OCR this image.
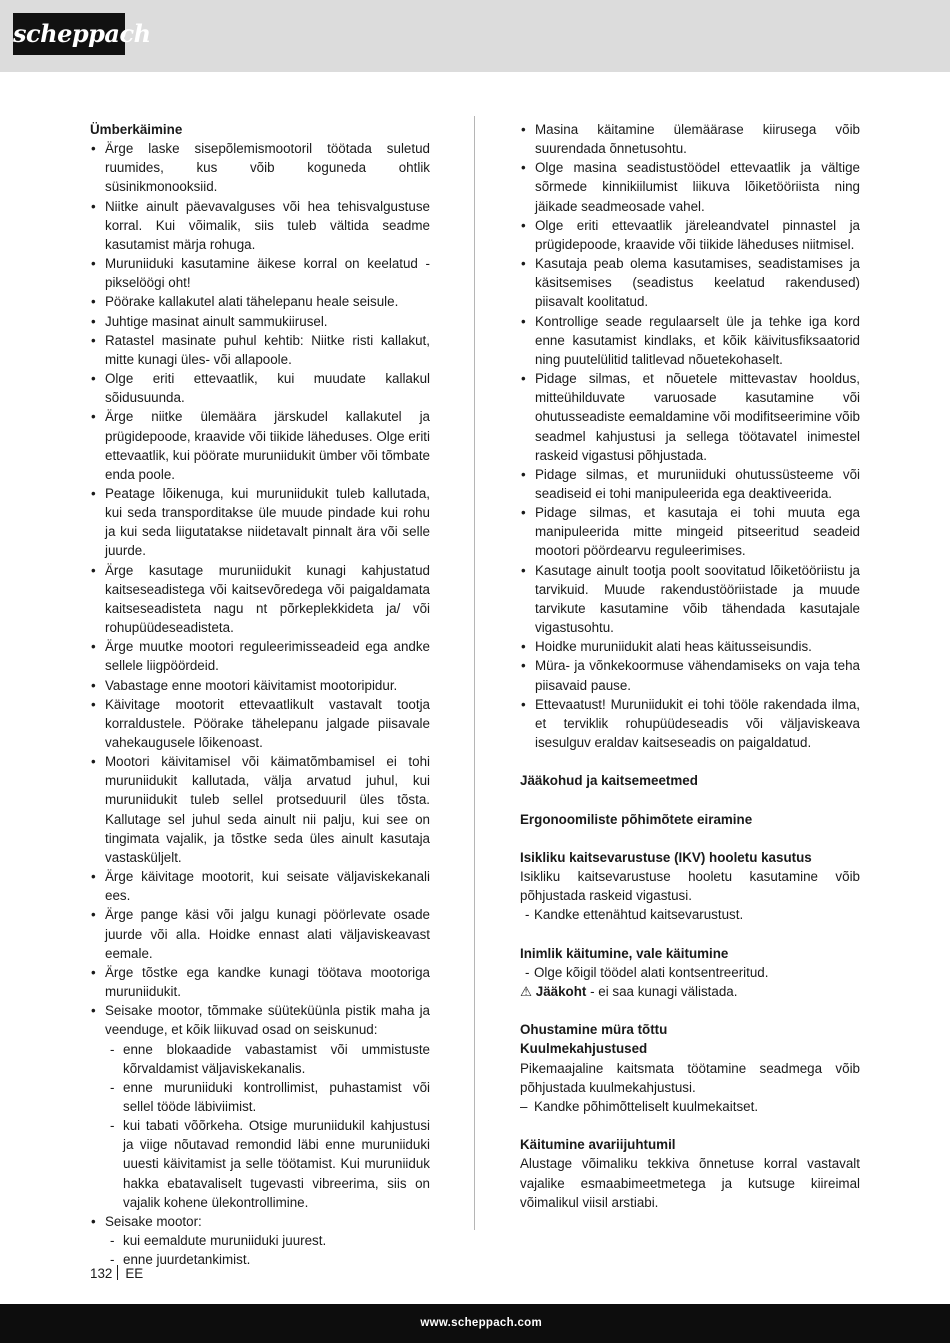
scheppach
Ümberkäimine
• Ärge laske sisepõlemismootoril töötada suletud ruumides, kus võib koguneda ohtlik süsinikmonooksiid.
• Niitke ainult päevavalguses või hea tehisvalgustuse korral. Kui võimalik, siis tuleb vältida seadme kasutamist märja rohuga.
• Muruniiduki kasutamine äikese korral on keelatud - pikselöögi oht!
• Pöörake kallakutel alati tähelepanu heale seisule.
• Juhtige masinat ainult sammukiirusel.
• Ratastel masinate puhul kehtib: Niitke risti kallakut, mitte kunagi üles- või allapoole.
• Olge eriti ettevaatlik, kui muudate kallakul sõidusuunda.
• Ärge niitke ülemäära järskudel kallakutel ja prügidepoode, kraavide või tiikide läheduses. Olge eriti ettevaatlik, kui pöörate muruniidukit ümber või tõmbate enda poole.
• Peatage lõikenuga, kui muruniidukit tuleb kallutada, kui seda transporditakse üle muude pindade kui rohu ja kui seda liigutatakse niidetavalt pinnalt ära või selle juurde.
• Ärge kasutage muruniidukit kunagi kahjustatud kaitseseadistega või kaitsevõredega või paigaldamata kaitseseadisteta nagu nt põrkeplekkideta ja/ või rohupüüdeseadisteta.
• Ärge muutke mootori reguleerimisseadeid ega andke sellele liigpöördeid.
• Vabastage enne mootori käivitamist mootoripidur.
• Käivitage mootorit ettevaatlikult vastavalt tootja korraldustele. Pöörake tähelepanu jalgade piisavale vahekaugusele lõikenoast.
• Mootori käivitamisel või käimatõmbamisel ei tohi muruniidukit kallutada, välja arvatud juhul, kui muruniidukit tuleb sellel protseduuril üles tõsta. Kallutage sel juhul seda ainult nii palju, kui see on tingimata vajalik, ja tõstke seda üles ainult kasutaja vastasküljelt.
• Ärge käivitage mootorit, kui seisate väljaviskekanali ees.
• Ärge pange käsi või jalgu kunagi pöörlevate osade juurde või alla. Hoidke ennast alati väljaviskeavast eemale.
• Ärge tõstke ega kandke kunagi töötava mootoriga muruniidukit.
• Seisake mootor, tõmmake süüteküünla pistik maha ja veenduge, et kõik liikuvad osad on seiskunud:
- enne blokaadide vabastamist või ummistuste kõrvaldamist väljaviskekanalis.
- enne muruniiduki kontrollimist, puhastamist või sellel tööde läbiviimist.
- kui tabati võõrkeha. Otsige muruniidukil kahjustusi ja viige nõutavad remondid läbi enne muruniiduki uuesti käivitamist ja selle töötamist. Kui muruniiduk hakka ebatavaliselt tugevasti vibreerima, siis on vajalik kohene ülekontrollimine.
• Seisake mootor:
- kui eemaldute muruniiduki juurest.
- enne juurdetankimist.
• Masina käitamine ülemäärase kiirusega võib suurendada õnnetusohtu.
• Olge masina seadistustöödel ettevaatlik ja vältige sõrmede kinnikiilumist liikuva lõiketööriista ning jäikade seadmeosade vahel.
• Olge eriti ettevaatlik järeleandvatel pinnastel ja prügidepoode, kraavide või tiikide läheduses niitmisel.
• Kasutaja peab olema kasutamises, seadistamises ja käsitsemises (seadistus keelatud rakendused) piisavalt koolitatud.
• Kontrollige seade regulaarselt üle ja tehke iga kord enne kasutamist kindlaks, et kõik käivitusfiksaatorid ning puutelülitid talitlevad nõuetekohaselt.
• Pidage silmas, et nõuetele mittevastav hooldus, mitteühilduvate varuosade kasutamine või ohutusseadiste eemaldamine või modifitseerimine võib seadmel kahjustusi ja sellega töötavatel inimestel raskeid vigastusi põhjustada.
• Pidage silmas, et muruniiduki ohutussüsteeme või seadiseid ei tohi manipuleerida ega deaktiveerida.
• Pidage silmas, et kasutaja ei tohi muuta ega manipuleerida mitte mingeid pitseeritud seadeid mootori pöördearvu reguleerimises.
• Kasutage ainult tootja poolt soovitatud lõiketööriistu ja tarvikuid. Muude rakendustööriistade ja muude tarvikute kasutamine võib tähendada kasutajale vigastusohtu.
• Hoidke muruniidukit alati heas käitusseisundis.
• Müra- ja võnkekoormuse vähendamiseks on vaja teha piisavaid pause.
• Ettevaatust! Muruniidukit ei tohi tööle rakendada ilma, et terviklik rohupüüdeseadis või väljaviskeava isesulguv eraldav kaitseseadis on paigaldatud.
Jääkohud ja kaitsemeetmed
Ergonoomiliste põhimõtete eiramine
Isikliku kaitsevarustuse (IKV) hooletu kasutus
Isikliku kaitsevarustuse hooletu kasutamine võib põhjustada raskeid vigastusi.
- Kandke ettenähtud kaitsevarustust.
Inimlik käitumine, vale käitumine
- Olge kõigil töödel alati kontsentreeritud.
⚠ Jääkoht - ei saa kunagi välistada.
Ohustamine müra tõttu
Kuulmekahjustused
Pikemaajaline kaitsmata töötamine seadmega võib põhjustada kuulmekahjustusi.
– Kandke põhimõtteliselt kuulmekaitset.
Käitumine avariijuhtumil
Alustage võimaliku tekkiva õnnetuse korral vastavalt vajalike esmaabimeetmetega ja kutsuge kiireimal võimalikul viisil arstiabi.
132 EE
www.scheppach.com
